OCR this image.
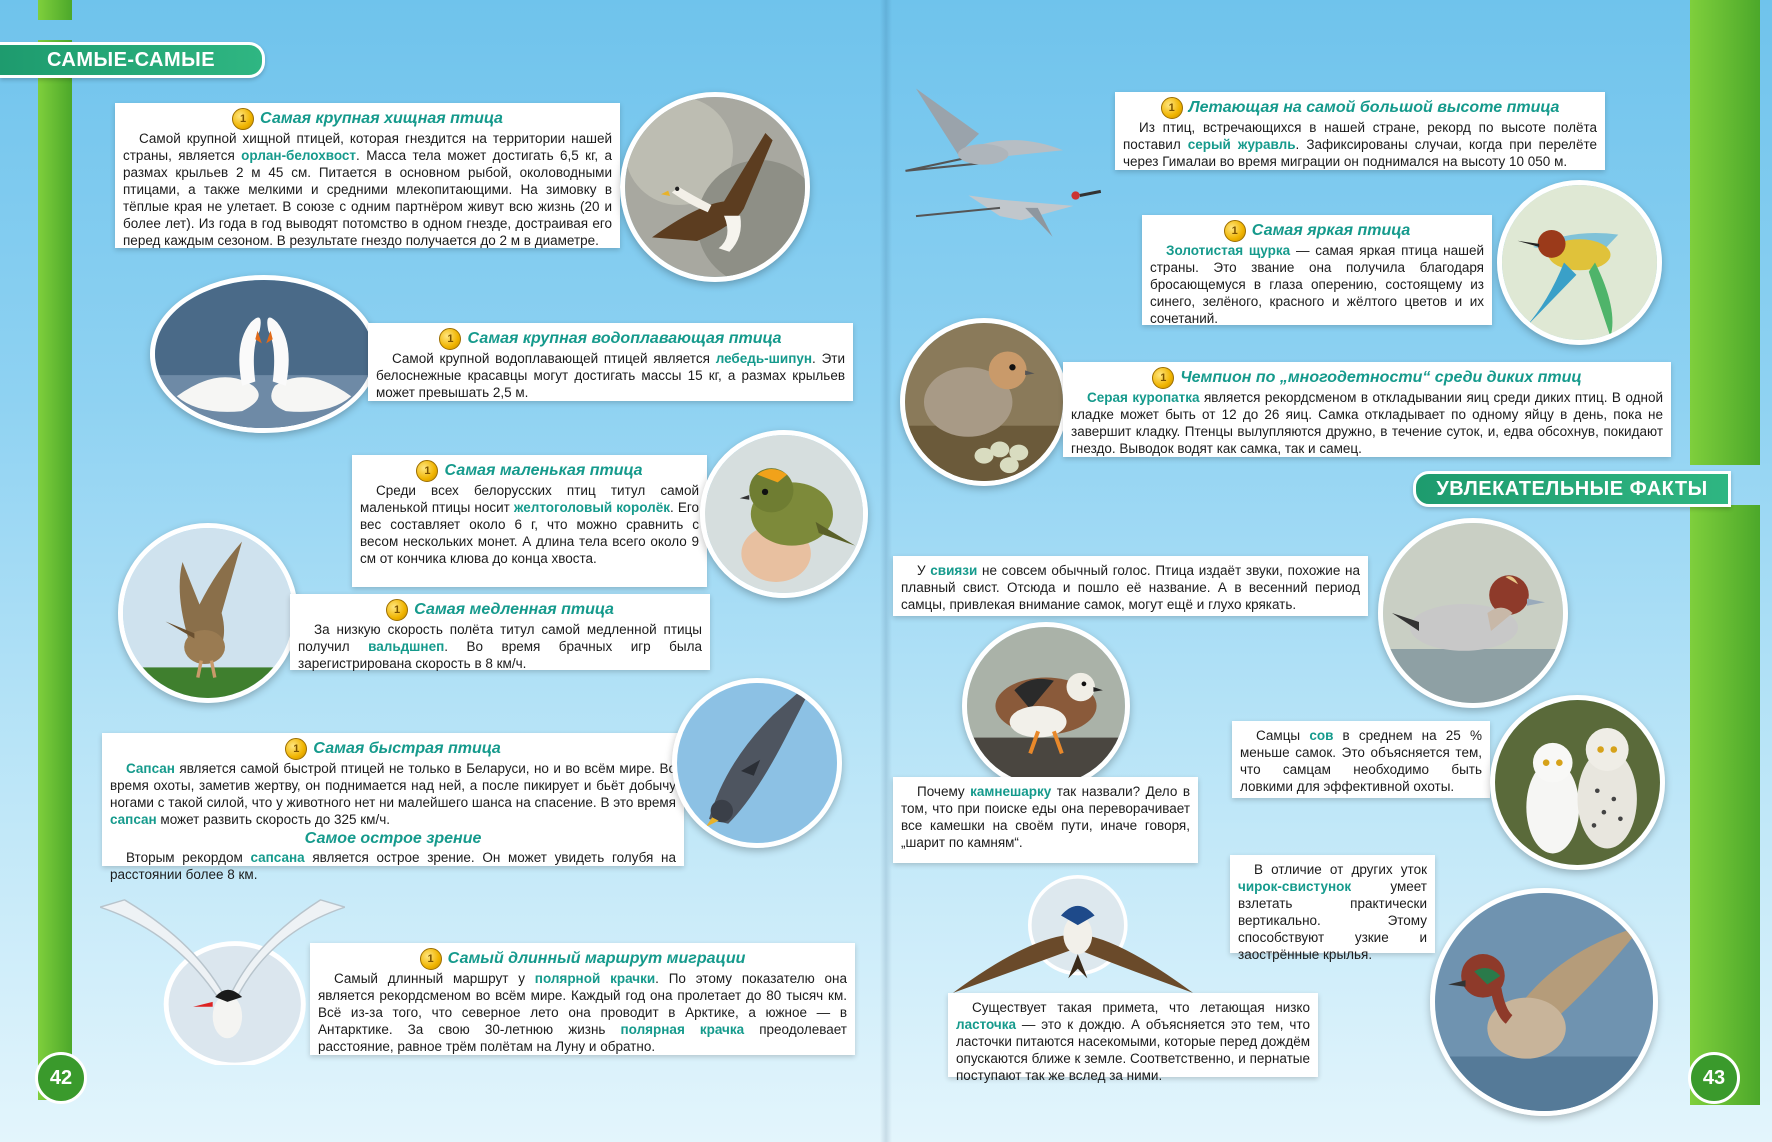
САМЫЕ-САМЫЕ
УВЛЕКАТЕЛЬНЫЕ ФАКТЫ
1 Самая крупная хищная птица

Самой крупной хищной птицей, которая гнездится на территории нашей страны, является орлан-белохвост. Масса тела может достигать 6,5 кг, а размах крыльев 2 м 45 см. Питается в основном рыбой, околоводными птицами, а также мелкими и средними млекопитающими. На зимовку в тёплые края не улетает. В союзе с одним партнёром живут всю жизнь (20 и более лет). Из года в год выводят потомство в одном гнезде, достраивая его перед каждым сезоном. В результате гнездо получается до 2 м в диаметре.

1 Самая крупная водоплавающая птица

Самой крупной водоплавающей птицей является лебедь-шипун. Эти белоснежные красавцы могут достигать массы 15 кг, а размах крыльев может превышать 2,5 м.

1 Самая маленькая птица

Среди всех белорусских птиц титул самой маленькой птицы носит желтоголовый королёк. Его вес составляет около 6 г, что можно сравнить с весом нескольких монет. А длина тела всего около 9 см от кончика клюва до конца хвоста.

1 Самая медленная птица

За низкую скорость полёта титул самой медленной птицы получил вальдшнеп. Во время брачных игр была зарегистрирована скорость в 8 км/ч.

1 Самая быстрая птица

Сапсан является самой быстрой птицей не только в Беларуси, но и во всём мире. Во время охоты, заметив жертву, он поднимается над ней, а после пикирует и бьёт добычу ногами с такой силой, что у животного нет ни малейшего шанса на спасение. В это время сапсан может развить скорость до 325 км/ч.

Самое острое зрение

Вторым рекордом сапсана является острое зрение. Он может увидеть голубя на расстоянии более 8 км.

1 Самый длинный маршрут миграции

Самый длинный маршрут у полярной крачки. По этому показателю она является рекордсменом во всём мире. Каждый год она пролетает до 80 тысяч км. Всё из-за того, что северное лето она проводит в Арктике, а южное — в Антарктике. За свою 30-летнюю жизнь полярная крачка преодолевает расстояние, равное трём полётам на Луну и обратно.

42
1 Летающая на самой большой высоте птица

Из птиц, встречающихся в нашей стране, рекорд по высоте полёта поставил серый журавль. Зафиксированы случаи, когда при перелёте через Гималаи во время миграции он поднимался на высоту 10 050 м.

1 Самая яркая птица

Золотистая щурка — самая яркая птица нашей страны. Это звание она получила благодаря бросающемуся в глаза оперению, состоящему из синего, зелёного, красного и жёлтого цветов и их сочетаний.

1 Чемпион по „многодетности“ среди диких птиц

Серая куропатка является рекордсменом в откладывании яиц среди диких птиц. В одной кладке может быть от 12 до 26 яиц. Самка откладывает по одному яйцу в день, пока не завершит кладку. Птенцы вылупляются дружно, в течение суток, и, едва обсохнув, покидают гнездо. Выводок водят как самка, так и самец.

У свиязи не совсем обычный голос. Птица издаёт звуки, похожие на плавный свист. Отсюда и пошло её название. А в весенний период самцы, привлекая внимание самок, могут ещё и глухо крякать.

Почему камнешарку так назвали? Дело в том, что при поиске еды она переворачивает все камешки на своём пути, иначе говоря, „шарит по камням“.

Самцы сов в среднем на 25 % меньше самок. Это объясняется тем, что самцам необходимо быть ловкими для эффективной охоты.

В отличие от других уток чирок-свистунок умеет взлетать практически вертикально. Этому способствуют узкие и заострённые крылья.

Существует такая примета, что летающая низко ласточка — это к дождю. А объясняется это тем, что ласточки питаются насекомыми, которые перед дождём опускаются ближе к земле. Соответственно, и пернатые поступают так же вслед за ними.	43
